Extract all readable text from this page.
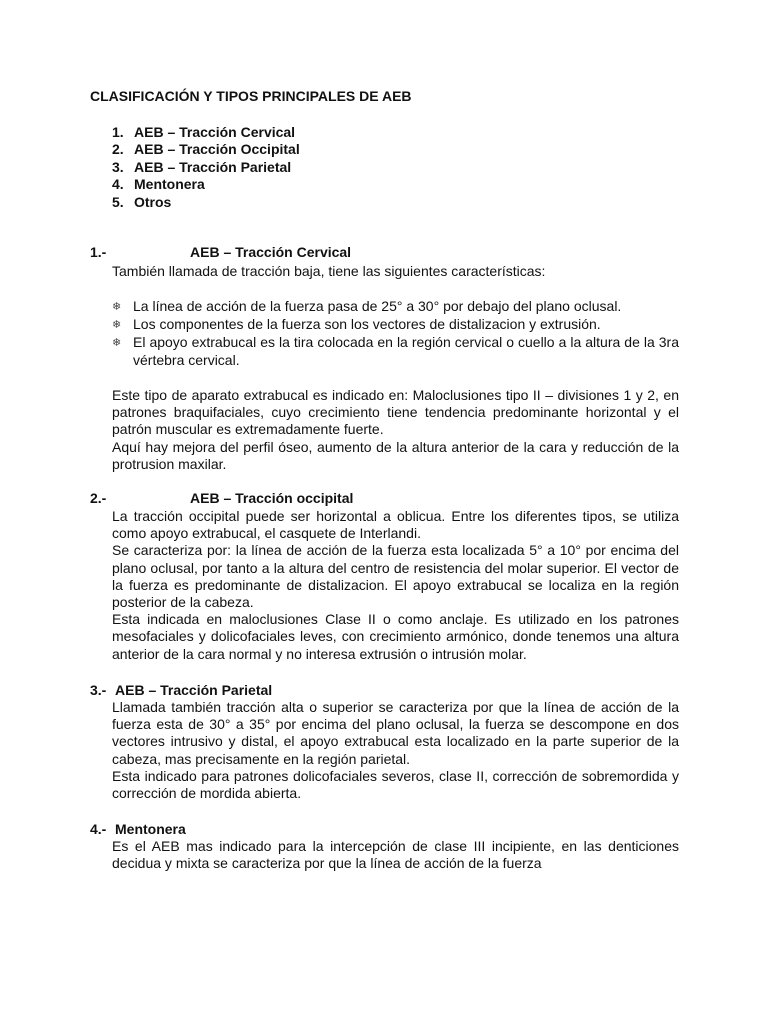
CLASIFICACIÓN Y TIPOS PRINCIPALES DE AEB
1. AEB – Tracción Cervical
2. AEB – Tracción Occipital
3. AEB – Tracción Parietal
4. Mentonera
5. Otros
1.-	AEB – Tracción Cervical

También llamada de tracción baja, tiene las siguientes características:

❄ La línea de acción de la fuerza pasa de 25° a 30° por debajo del plano oclusal.
❄ Los componentes de la fuerza son los vectores de distalizacion y extrusión.
❄ El apoyo extrabucal es la tira colocada en la región cervical o cuello a la altura de la 3ra vértebra cervical.

Este tipo de aparato extrabucal es indicado en: Maloclusiones tipo II – divisiones 1 y 2, en patrones braquifaciales, cuyo crecimiento tiene tendencia predominante horizontal y el patrón muscular es extremadamente fuerte.

Aquí hay mejora del perfil óseo, aumento de la altura anterior de la cara y reducción de la protrusion maxilar.

2.-	AEB – Tracción occipital

La tracción occipital puede ser horizontal a oblicua. Entre los diferentes tipos, se utiliza como apoyo extrabucal, el casquete de Interlandi.

Se caracteriza por: la línea de acción de la fuerza esta localizada 5° a 10° por encima del plano oclusal, por tanto a la altura del centro de resistencia del molar superior. El vector de la fuerza es predominante de distalizacion. El apoyo extrabucal se localiza en la región posterior de la cabeza.

Esta indicada en maloclusiones Clase II o como anclaje. Es utilizado en los patrones mesofaciales y dolicofaciales leves, con crecimiento armónico, donde tenemos una altura anterior de la cara normal y no interesa extrusión o intrusión molar.

3.- AEB – Tracción Parietal

Llamada también tracción alta o superior se caracteriza por que la línea de acción de la fuerza esta de 30° a 35° por encima del plano oclusal, la fuerza se descompone en dos vectores intrusivo y distal, el apoyo extrabucal esta localizado en la parte superior de la cabeza, mas precisamente en la región parietal.

Esta indicado para patrones dolicofaciales severos, clase II, corrección de sobremordida y corrección de mordida abierta.

4.- Mentonera

Es el AEB mas indicado para la intercepción de clase III incipiente, en las denticiones decidua y mixta se caracteriza por que la línea de acción de la fuerza
